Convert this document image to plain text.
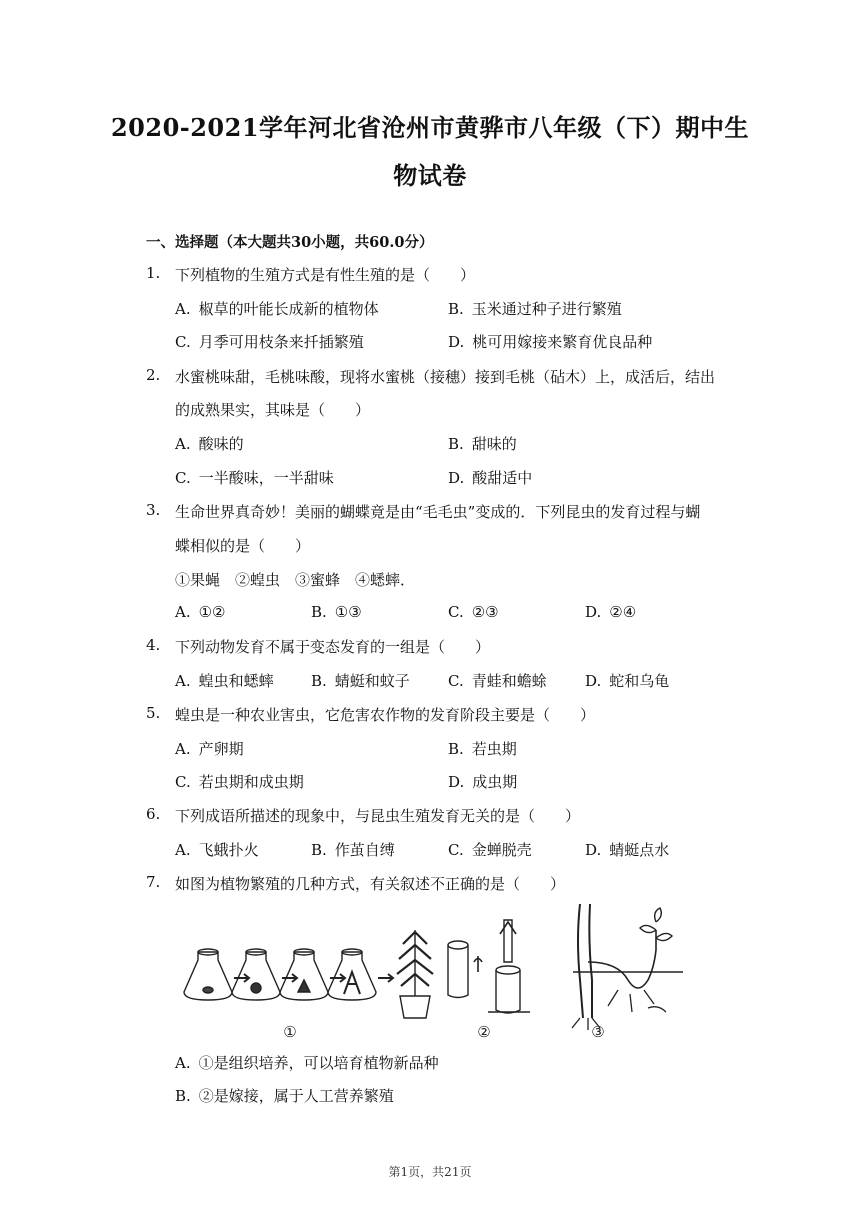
2020-2021学年河北省沧州市黄骅市八年级（下）期中生
物试卷
一、选择题（本大题共30小题，共60.0分）
1. 下列植物的生殖方式是有性生殖的是（　　）
A. 椒草的叶能长成新的植物体	B. 玉米通过种子进行繁殖
C. 月季可用枝条来扦插繁殖	D. 桃可用嫁接来繁育优良品种
2. 水蜜桃味甜，毛桃味酸，现将水蜜桃（接穗）接到毛桃（砧木）上，成活后，结出
的成熟果实，其味是（　　）
A. 酸味的	B. 甜味的
C. 一半酸味，一半甜味	D. 酸甜适中
3. 生命世界真奇妙！美丽的蝴蝶竟是由“毛毛虫”变成的．下列昆虫的发育过程与蝴
蝶相似的是（　　）
①果蝇　②蝗虫　③蜜蜂　④蟋蟀．
A. ①②	B. ①③	C. ②③	D. ②④
4. 下列动物发育不属于变态发育的一组是（　　）
A. 蝗虫和蟋蟀 B. 蜻蜓和蚊子	C. 青蛙和蟾蜍	D. 蛇和乌龟
5. 蝗虫是一种农业害虫，它危害农作物的发育阶段主要是（　　）
A. 产卵期	B. 若虫期
C. 若虫期和成虫期	D. 成虫期
6. 下列成语所描述的现象中，与昆虫生殖发育无关的是（　　）
A. 飞蛾扑火	B. 作茧自缚	C. 金蝉脱壳	D. 蜻蜓点水
7. 如图为植物繁殖的几种方式，有关叙述不正确的是（　　）
①	②	③
A. ①是组织培养，可以培育植物新品种
B. ②是嫁接，属于人工营养繁殖
第1页，共21页
